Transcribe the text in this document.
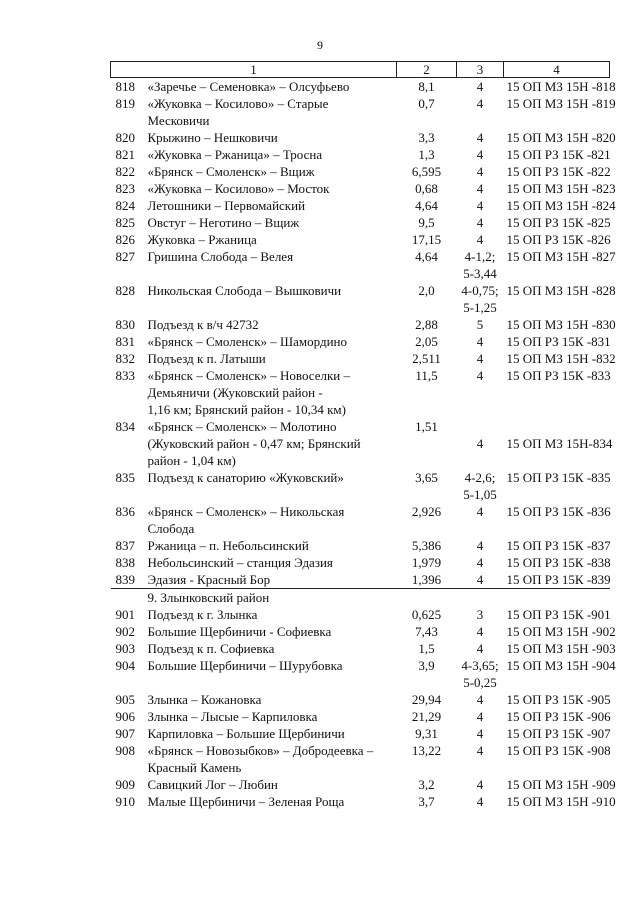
9
1	2	3	4

818 «Заречье – Семеновка» – Олсуфьево	8,1	4	15 ОП МЗ 15Н -818

819 «Жуковка – Косилово» – Старые
Месковичи	0,7	4	15 ОП МЗ 15Н -819

820 Крыжино – Нешковичи	3,3	4	15 ОП МЗ 15Н -820

821 «Жуковка – Ржаница» – Тросна	1,3	4	15 ОП РЗ 15К -821

822 «Брянск – Смоленск» – Вщиж	6,595	4	15 ОП РЗ 15К -822

823 «Жуковка – Косилово» – Мосток	0,68	4	15 ОП МЗ 15Н -823

824 Летошники – Первомайский	4,64	4	15 ОП МЗ 15Н -824

825 Овстуг – Неготино – Вщиж	9,5	4	15 ОП РЗ 15К -825

826 Жуковка – Ржаница	17,15	4	15 ОП РЗ 15К -826

827 Гришина Слобода – Велея	4,64	4-1,2;
5-3,44	15 ОП МЗ 15Н -827

828 Никольская Слобода – Вышковичи	2,0	4-0,75;
5-1,25	15 ОП МЗ 15Н -828

830 Подъезд к в/ч 42732	2,88	5	15 ОП МЗ 15Н -830

831 «Брянск – Смоленск» – Шамордино	2,05	4	15 ОП РЗ 15К -831

832 Подъезд к п. Латыши	2,511	4	15 ОП МЗ 15Н -832

833 «Брянск – Смоленск» – Новоселки –
Демьяничи (Жуковский район -
1,16 км; Брянский район - 10,34 км)	11,5	4	15 ОП РЗ 15К -833

834 «Брянск – Смоленск» – Молотино
(Жуковский район - 0,47 км; Брянский
район - 1,04 км)	1,51	4	15 ОП МЗ 15Н-834

835 Подъезд к санаторию «Жуковский»	3,65	4-2,6;
5-1,05	15 ОП РЗ 15К -835

836 «Брянск – Смоленск» – Никольская
Слобода	2,926	4	15 ОП РЗ 15К -836

837 Ржаница – п. Небольсинский	5,386	4	15 ОП РЗ 15К -837

838 Небольсинский – станция Эдазия	1,979	4	15 ОП РЗ 15К -838

839 Эдазия - Красный Бор	1,396	4	15 ОП РЗ 15К -839
9. Злынковский район			

901 Подъезд к г. Злынка	0,625	3	15 ОП РЗ 15К -901

902 Большие Щербиничи - Софиевка	7,43	4	15 ОП МЗ 15Н -902

903 Подъезд к п. Софиевка	1,5	4	15 ОП МЗ 15Н -903

904 Большие Щербиничи – Шурубовка	3,9	4-3,65;
5-0,25	15 ОП МЗ 15Н -904

905 Злынка – Кожановка	29,94	4	15 ОП РЗ 15К -905

906 Злынка – Лысые – Карпиловка	21,29	4	15 ОП РЗ 15К -906

907 Карпиловка – Большие Щербиничи	9,31	4	15 ОП РЗ 15К -907

908 «Брянск – Новозыбков» – Добродеевка –
Красный Камень	13,22	4	15 ОП РЗ 15К -908

909 Савицкий Лог – Любин	3,2	4	15 ОП МЗ 15Н -909

910 Малые Щербиничи – Зеленая Роща	3,7	4	15 ОП МЗ 15Н -910
